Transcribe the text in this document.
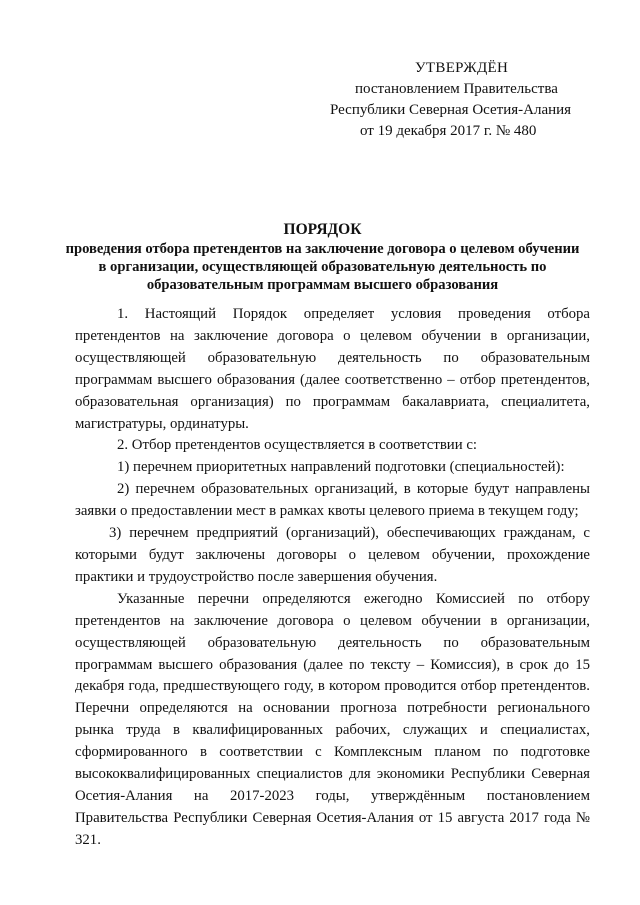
УТВЕРЖДЁН
постановлением Правительства
Республики Северная Осетия-Алания
от 19 декабря 2017 г. № 480
ПОРЯДОК
проведения отбора претендентов на заключение договора о целевом обучении в организации, осуществляющей образовательную деятельность по образовательным программам высшего образования

1. Настоящий Порядок определяет условия проведения отбора претендентов на заключение договора о целевом обучении в организации, осуществляющей образовательную деятельность по образовательным программам высшего образования (далее соответственно – отбор претендентов, образовательная организация) по программам бакалавриата, специалитета, магистратуры, ординатуры.

2. Отбор претендентов осуществляется в соответствии с:

1) перечнем приоритетных направлений подготовки (специальностей):

2) перечнем образовательных организаций, в которые будут направлены заявки о предоставлении мест в рамках квоты целевого приема в текущем году;

3) перечнем предприятий (организаций), обеспечивающих гражданам, с которыми будут заключены договоры о целевом обучении, прохождение практики и трудоустройство после завершения обучения.

Указанные перечни определяются ежегодно Комиссией по отбору претендентов на заключение договора о целевом обучении в организации, осуществляющей образовательную деятельность по образовательным программам высшего образования (далее по тексту – Комиссия), в срок до 15 декабря года, предшествующего году, в котором проводится отбор претендентов. Перечни определяются на основании прогноза потребности регионального рынка труда в квалифицированных рабочих, служащих и специалистах, сформированного в соответствии с Комплексным планом по подготовке высококвалифицированных специалистов для экономики Республики Северная Осетия-Алания на 2017-2023 годы, утверждённым постановлением Правительства Республики Северная Осетия-Алания от 15 августа 2017 года № 321.
